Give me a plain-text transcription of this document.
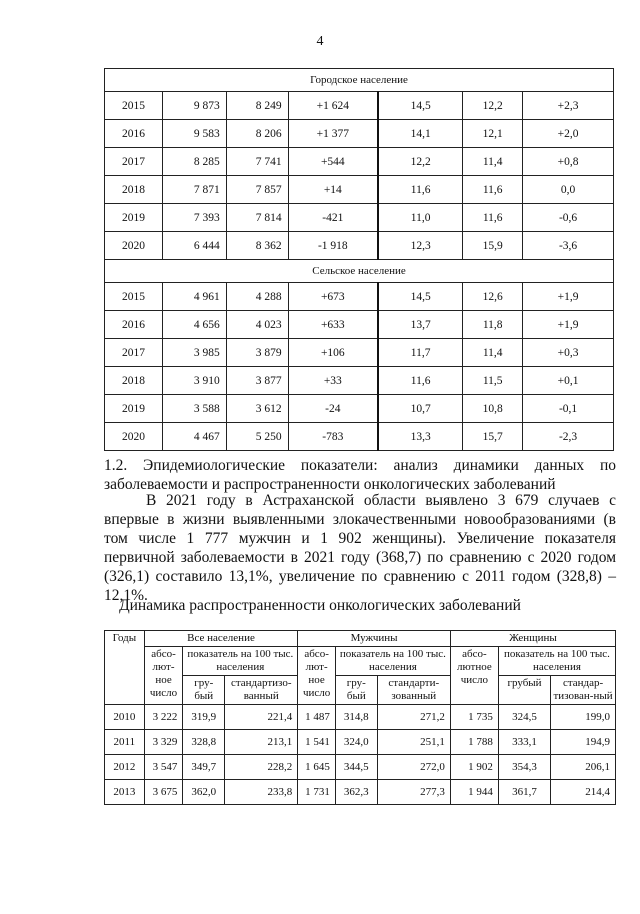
4
Городское население						
2015	9 873	8 249	+1 624	14,5	12,2	+2,3
2016	9 583	8 206	+1 377	14,1	12,1	+2,0
2017	8 285	7 741	+544	12,2	11,4	+0,8
2018	7 871	7 857	+14	11,6	11,6	0,0
2019	7 393	7 814	-421	11,0	11,6	-0,6
2020	6 444	8 362	-1 918	12,3	15,9	-3,6
Сельское население						
2015	4 961	4 288	+673	14,5	12,6	+1,9
2016	4 656	4 023	+633	13,7	11,8	+1,9
2017	3 985	3 879	+106	11,7	11,4	+0,3
2018	3 910	3 877	+33	11,6	11,5	+0,1
2019	3 588	3 612	-24	10,7	10,8	-0,1
2020	4 467	5 250	-783	13,3	15,7	-2,3
1.2. Эпидемиологические показатели: анализ динамики данных по заболеваемости и распространенности онкологических заболеваний
В 2021 году в Астраханской области выявлено 3 679 случаев с впервые в жизни выявленными злокачественными новообразованиями (в том числе 1 777 мужчин и 1 902 женщины). Увеличение показателя первичной заболеваемости в 2021 году (368,7) по сравнению с 2020 годом (326,1) составило 13,1%, увеличение по сравнению с 2011 годом (328,8) – 12,1%.
Динамика распространенности онкологических заболеваний
Годы	Все население			Мужчины			Женщины		
	абсо-лют-ное число	показатель на 100 тыс. населения		абсо-лют-ное число	показатель на 100 тыс. населения		абсо-лютное число	показатель на 100 тыс. населения	
		гру-бый	стандартизо-ванный		гру-бый	стандарти-зованный		грубый	стандар-тизован-ный
2010	3 222	319,9	221,4	1 487	314,8	271,2	1 735	324,5	199,0
2011	3 329	328,8	213,1	1 541	324,0	251,1	1 788	333,1	194,9
2012	3 547	349,7	228,2	1 645	344,5	272,0	1 902	354,3	206,1
2013	3 675	362,0	233,8	1 731	362,3	277,3	1 944	361,7	214,4
